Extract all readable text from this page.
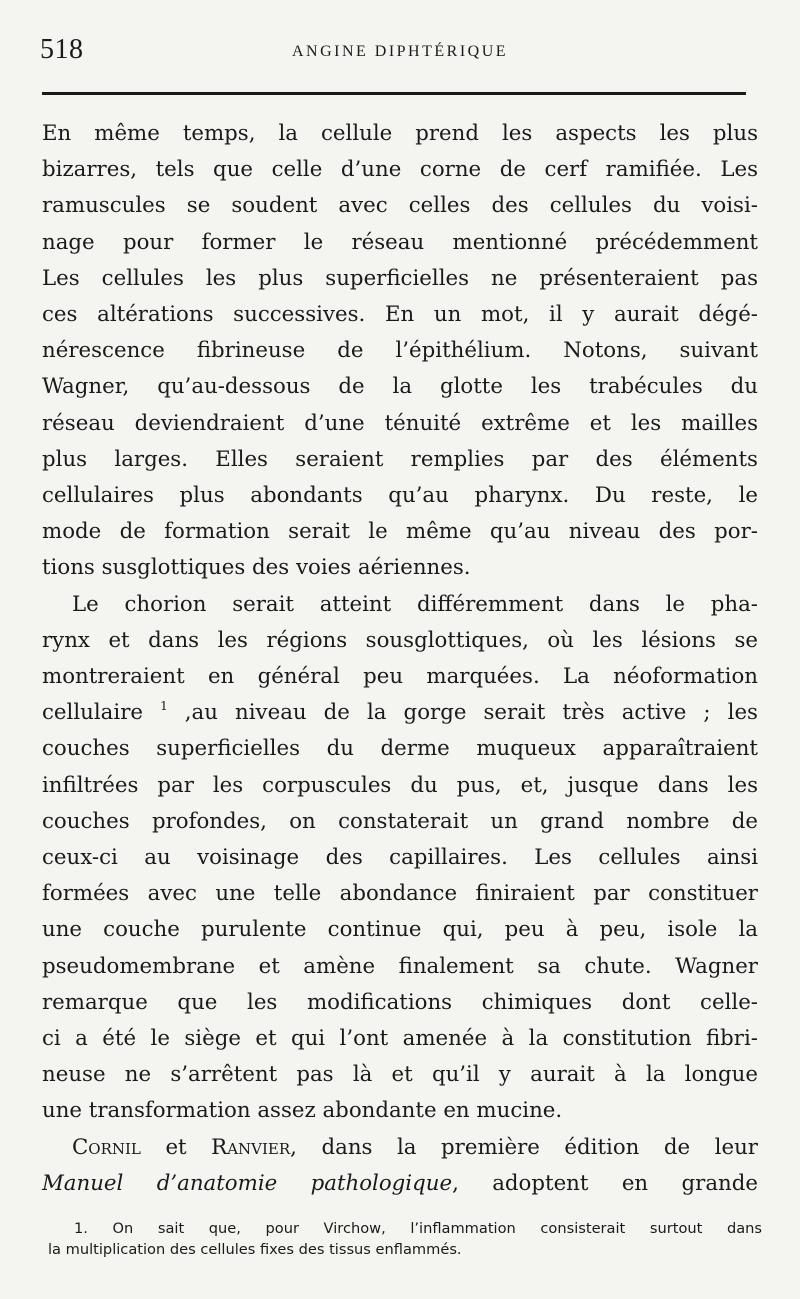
518	ANGINE DIPHTÉRIQUE
En même temps, la cellule prend les aspects les plus
bizarres, tels que celle d’une corne de cerf ramifiée. Les
ramuscules se soudent avec celles des cellules du voisi-
nage pour former le réseau mentionné précédemment
Les cellules les plus superficielles ne présenteraient pas
ces altérations successives. En un mot, il y aurait dégé-
nérescence fibrineuse de l’épithélium. Notons, suivant
Wagner, qu’au-dessous de la glotte les trabécules du
réseau deviendraient d’une ténuité extrême et les mailles
plus larges. Elles seraient remplies par des éléments
cellulaires plus abondants qu’au pharynx. Du reste, le
mode de formation serait le même qu’au niveau des por-
tions susglottiques des voies aériennes.
Le chorion serait atteint différemment dans le pha-
rynx et dans les régions sousglottiques, où les lésions se
montreraient en général peu marquées. La néoformation
cellulaire $^1$ ,au niveau de la gorge serait très active ; les
couches superficielles du derme muqueux apparaîtraient
infiltrées par les corpuscules du pus, et, jusque dans les
couches profondes, on constaterait un grand nombre de
ceux-ci au voisinage des capillaires. Les cellules ainsi
formées avec une telle abondance finiraient par constituer
une couche purulente continue qui, peu à peu, isole la
pseudomembrane et amène finalement sa chute. Wagner
remarque que les modifications chimiques dont celle-
ci a été le siège et qui l’ont amenée à la constitution fibri-
neuse ne s’arrêtent pas là et qu’il y aurait à la longue
une transformation assez abondante en mucine.
Cornil et Ranvier, dans la première édition de leur
Manuel d’anatomie pathologique, adoptent en grande
1. On sait que, pour Virchow, l’inflammation consisterait surtout dans
la multiplication des cellules fixes des tissus enflammés.
